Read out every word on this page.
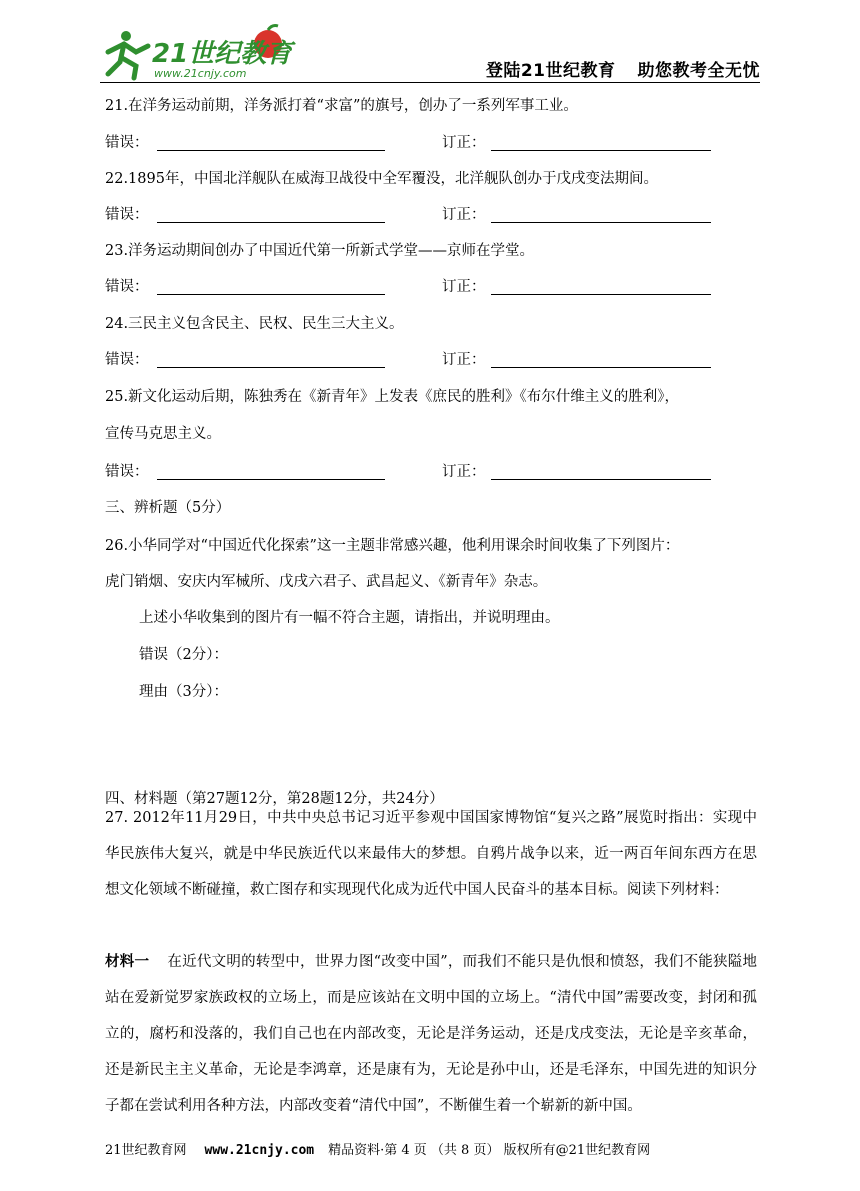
21世纪教育
www.21cnjy.com	登陆21世纪教育 助您教考全无忧
21.在洋务运动前期，洋务派打着“求富”的旗号，创办了一系列军事工业。
错误：	订正：
22.1895年，中国北洋舰队在威海卫战役中全军覆没，北洋舰队创办于戊戌变法期间。
错误：	订正：
23.洋务运动期间创办了中国近代第一所新式学堂——京师在学堂。
错误：	订正：
24.三民主义包含民主、民权、民生三大主义。
错误：	订正：
25.新文化运动后期，陈独秀在《新青年》上发表《庶民的胜利》《布尔什维主义的胜利》，
宣传马克思主义。
错误：	订正：
三、辨析题（5分）
26.小华同学对“中国近代化探索”这一主题非常感兴趣，他利用课余时间收集了下列图片：
虎门销烟、安庆内军械所、戊戌六君子、武昌起义、《新青年》杂志。
上述小华收集到的图片有一幅不符合主题，请指出，并说明理由。
错误（2分）：
理由（3分）：
四、材料题（第27题12分，第28题12分，共24分）
27. 2012年11月29日，中共中央总书记习近平参观中国国家博物馆“复兴之路”展览时指出：实现中华民族伟大复兴，就是中华民族近代以来最伟大的梦想。自鸦片战争以来，近一两百年间东西方在思想文化领域不断碰撞，救亡图存和实现现代化成为近代中国人民奋斗的基本目标。阅读下列材料：
材料一 在近代文明的转型中，世界力图“改变中国”，而我们不能只是仇恨和愤怒，我们不能狭隘地站在爱新觉罗家族政权的立场上，而是应该站在文明中国的立场上。“清代中国”需要改变，封闭和孤立的，腐朽和没落的，我们自己也在内部改变，无论是洋务运动，还是戊戌变法，无论是辛亥革命，还是新民主主义革命，无论是李鸿章，还是康有为，无论是孙中山，还是毛泽东，中国先进的知识分子都在尝试利用各种方法，内部改变着“清代中国”，不断催生着一个崭新的新中国。
21世纪教育网 www.21cnjy.com 精品资料·第 4 页 （共 8 页） 版权所有@21世纪教育网
